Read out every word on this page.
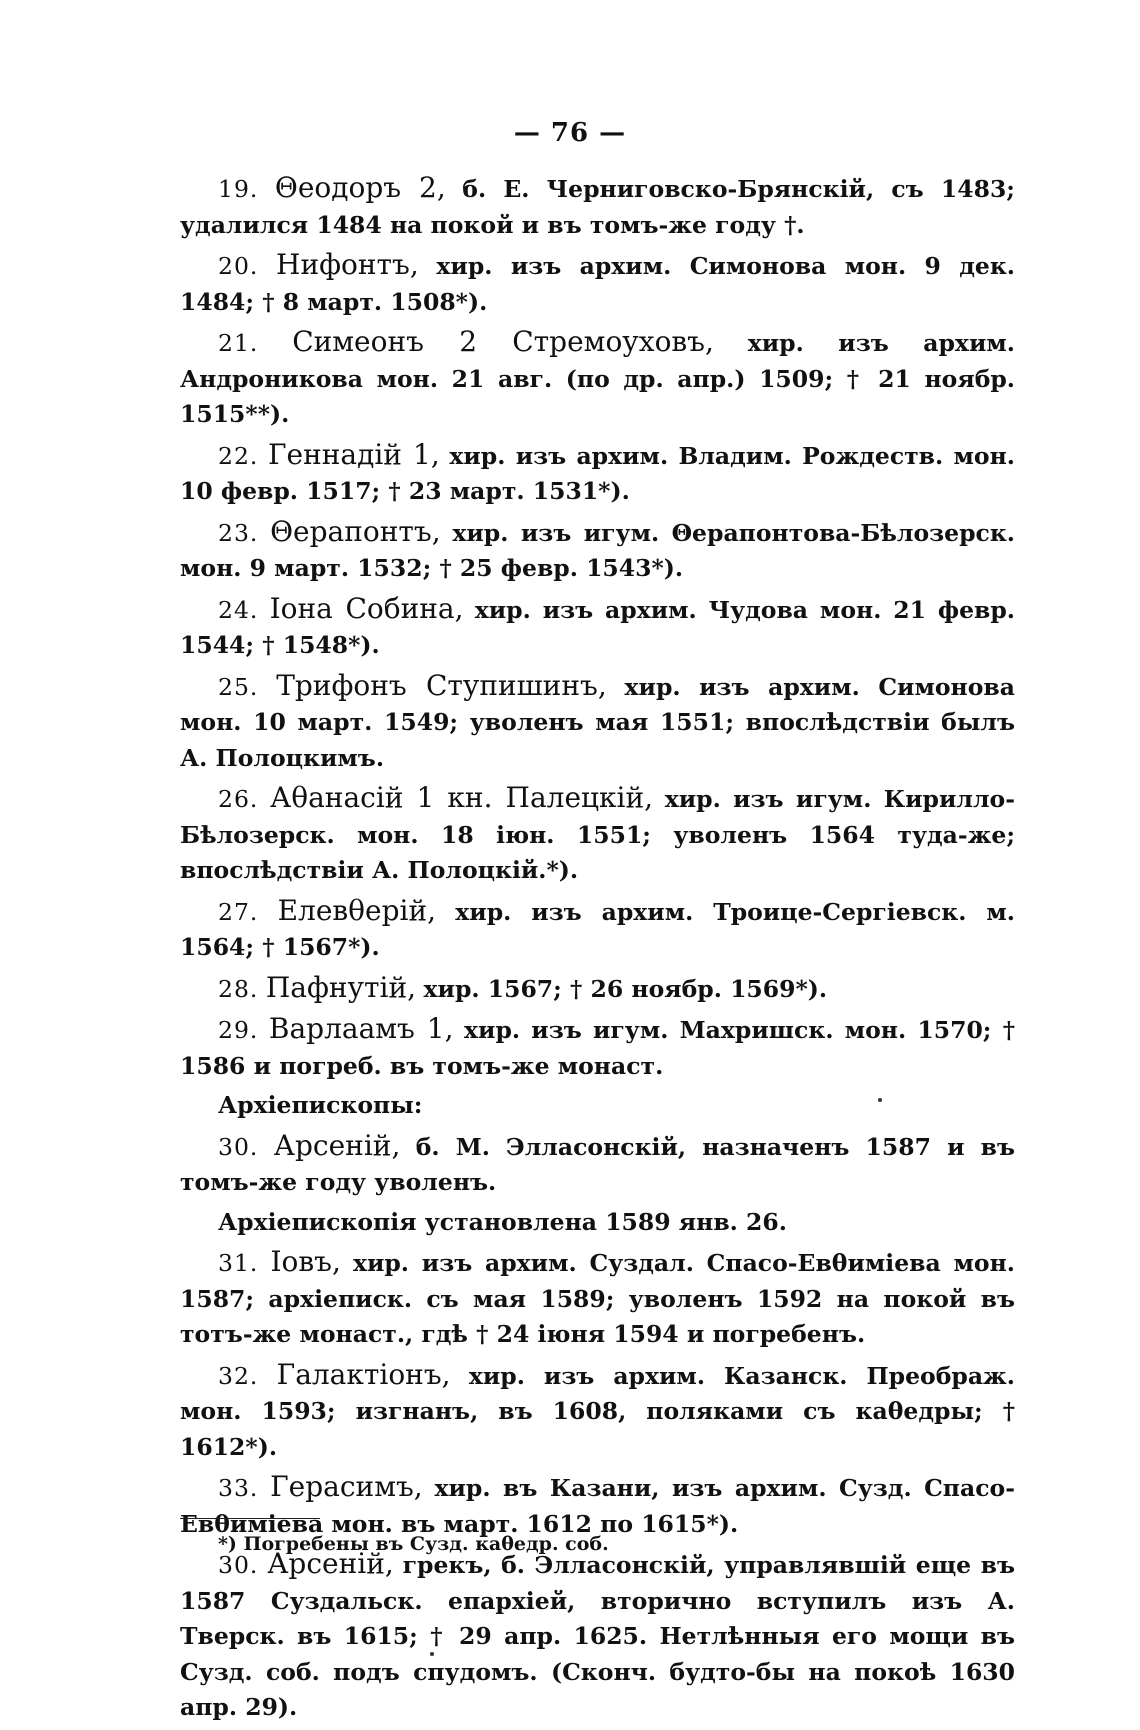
— 76 —

19. Θеодоръ 2, б. Е. Черниговско-Брянскій, съ 1483; удалился 1484 на покой и въ томъ-же году †.

20. Нифонтъ, хир. изъ архим. Симонова мон. 9 дек. 1484; † 8 март. 1508*).

21. Симеонъ 2 Стремоуховъ, хир. изъ архим. Андроникова мон. 21 авг. (по др. апр.) 1509; † 21 ноябр. 1515**).

22. Геннадій 1, хир. изъ архим. Владим. Рождеств. мон. 10 февр. 1517; † 23 март. 1531*).

23. Θерапонтъ, хир. изъ игум. Θерапонтова-Бѣлозерск. мон. 9 март. 1532; † 25 февр. 1543*).

24. Іона Собина, хир. изъ архим. Чудова мон. 21 февр. 1544; † 1548*).

25. Трифонъ Ступишинъ, хир. изъ архим. Симонова мон. 10 март. 1549; уволенъ мая 1551; впослѣдствіи былъ А. Полоцкимъ.

26. Аθанасій 1 кн. Палецкій, хир. изъ игум. Кирилло-Бѣлозерск. мон. 18 іюн. 1551; уволенъ 1564 туда-же; впослѣдствіи А. Полоцкій.*).

27. Елевθерій, хир. изъ архим. Троице-Сергіевск. м. 1564; † 1567*).

28. Пафнутій, хир. 1567; † 26 ноябр. 1569*).

29. Варлаамъ 1, хир. изъ игум. Махришск. мон. 1570; † 1586 и погреб. въ томъ-же монаст.

Архіепископы:

30. Арсеній, б. М. Элласонскій, назначенъ 1587 и въ томъ-же году уволенъ.

Архіепископія установлена 1589 янв. 26.

31. Іовъ, хир. изъ архим. Суздал. Спасо-Евθиміева мон. 1587; архіеписк. съ мая 1589; уволенъ 1592 на покой въ тотъ-же монаст., гдѣ † 24 іюня 1594 и погребенъ.

32. Галактіонъ, хир. изъ архим. Казанск. Преображ. мон. 1593; изгнанъ, въ 1608, поляками съ каθедры; † 1612*).

33. Герасимъ, хир. въ Казани, изъ архим. Сузд. Спасо-Евθиміева мон. въ март. 1612 по 1615*).

30. Арсеній, грекъ, б. Элласонскій, управлявшій еще въ 1587 Суздальск. епархіей, вторично вступилъ изъ А. Тверск. въ 1615; † 29 апр. 1625. Нетлѣнныя его мощи въ Сузд. соб. подъ спудомъ. (Сконч. будто-бы на покоѣ 1630 апр. 29).

*) Погребены въ Сузд. каθедр. соб.
